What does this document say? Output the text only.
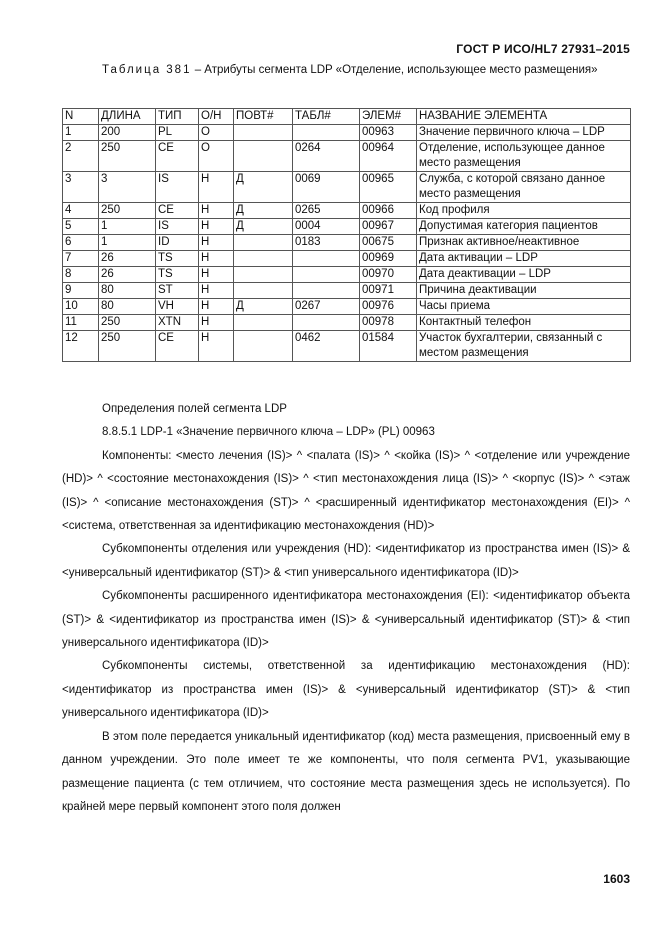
ГОСТ Р ИСО/HL7 27931–2015
Таблица 381 – Атрибуты сегмента LDP «Отделение, использующее место размещения»
N	ДЛИНА	ТИП	О/Н	ПОВТ#	ТАБЛ#	ЭЛЕМ#	НАЗВАНИЕ ЭЛЕМЕНТА
1	200	PL	О			00963	Значение первичного ключа – LDP
2	250	CE	О		0264	00964	Отделение, использующее данное место размещения
3	3	IS	Н	Д	0069	00965	Служба, с которой связано данное место размещения
4	250	CE	Н	Д	0265	00966	Код профиля
5	1	IS	Н	Д	0004	00967	Допустимая категория пациентов
6	1	ID	Н		0183	00675	Признак активное/неактивное
7	26	TS	Н			00969	Дата активации – LDP
8	26	TS	Н			00970	Дата деактивации – LDP
9	80	ST	Н			00971	Причина деактивации
10	80	VH	Н	Д	0267	00976	Часы приема
11	250	XTN	Н			00978	Контактный телефон
12	250	CE	Н		0462	01584	Участок бухгалтерии, связанный с местом размещения

Определения полей сегмента LDP

8.8.5.1 LDP-1 «Значение первичного ключа – LDP» (PL) 00963

Компоненты: <место лечения (IS)> ^ <палата (IS)> ^ <койка (IS)> ^ <отделение или учреждение (HD)> ^ <состояние местонахождения (IS)> ^ <тип местонахождения лица (IS)> ^ <корпус (IS)> ^ <этаж (IS)> ^ <описание местонахождения (ST)> ^ <расширенный идентификатор местонахождения (EI)> ^ <система, ответственная за идентификацию местонахождения (HD)>

Субкомпоненты отделения или учреждения (HD): <идентификатор из пространства имен (IS)> & <универсальный идентификатор (ST)> & <тип универсального идентификатора (ID)>

Субкомпоненты расширенного идентификатора местонахождения (EI): <идентификатор объекта (ST)> & <идентификатор из пространства имен (IS)> & <универсальный идентификатор (ST)> & <тип универсального идентификатора (ID)>

Субкомпоненты системы, ответственной за идентификацию местонахождения (HD): <идентификатор из пространства имен (IS)> & <универсальный идентификатор (ST)> & <тип универсального идентификатора (ID)>

В этом поле передается уникальный идентификатор (код) места размещения, присвоенный ему в данном учреждении. Это поле имеет те же компоненты, что поля сегмента PV1, указывающие размещение пациента (с тем отличием, что состояние места размещения здесь не используется). По крайней мере первый компонент этого поля должен

1603
